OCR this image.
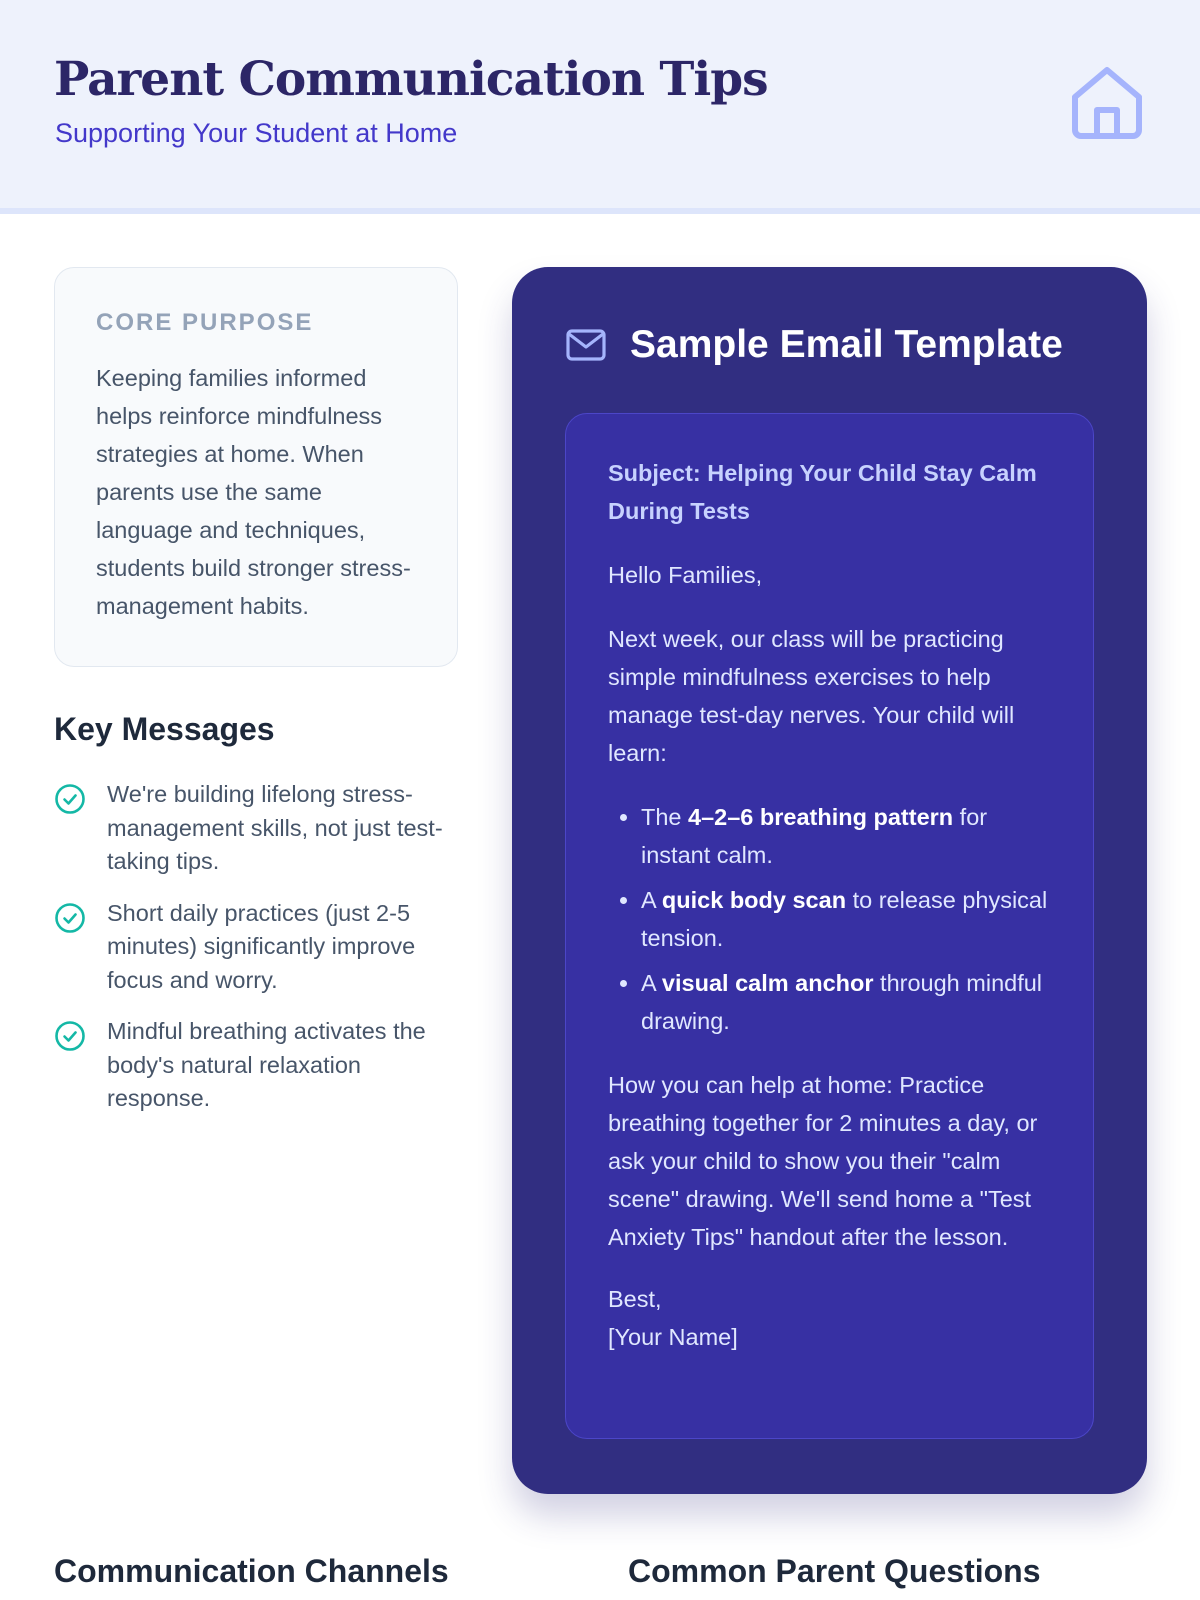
Parent Communication Tips
Supporting Your Student at Home
CORE PURPOSE

Keeping families informed helps reinforce mindfulness strategies at home. When parents use the same language and techniques, students build stronger stress-management habits.

Key Messages
We're building lifelong stress-management skills, not just test-taking tips.
Short daily practices (just 2-5 minutes) significantly improve focus and worry.
Mindful breathing activates the body's natural relaxation response.
Sample Email Template

Subject: Helping Your Child Stay Calm During Tests

Hello Families,

Next week, our class will be practicing simple mindfulness exercises to help manage test-day nerves. Your child will learn:

• The 4–2–6 breathing pattern for instant calm.
• A quick body scan to release physical tension.
• A visual calm anchor through mindful drawing.

How you can help at home: Practice breathing together for 2 minutes a day, or ask your child to show you their "calm scene" drawing. We'll send home a "Test Anxiety Tips" handout after the lesson.

Best,
[Your Name]

Communication Channels	Common Parent Questions
